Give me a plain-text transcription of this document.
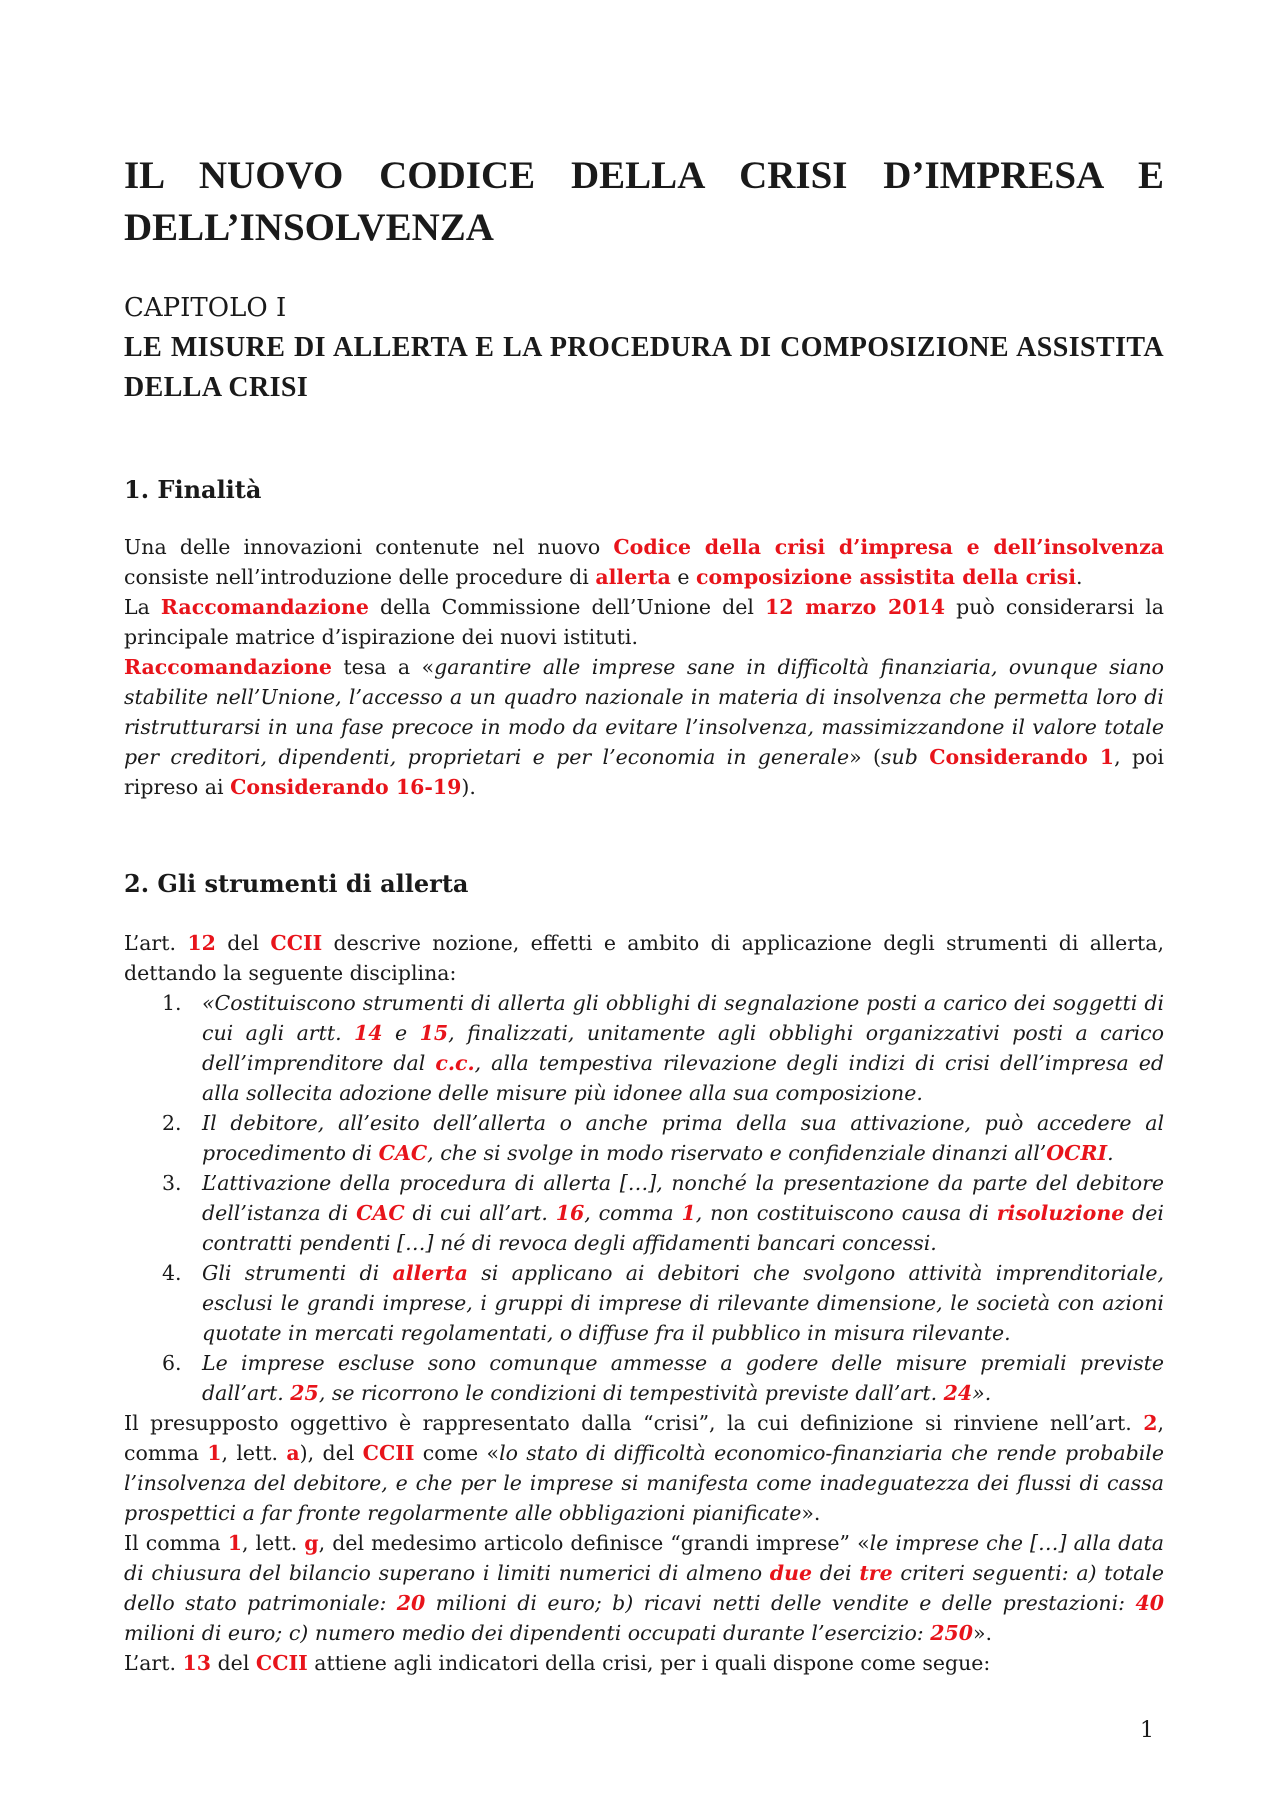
IL NUOVO CODICE DELLA CRISI D’IMPRESA E DELL’INSOLVENZA
CAPITOLO I
LE MISURE DI ALLERTA E LA PROCEDURA DI COMPOSIZIONE ASSISTITA DELLA CRISI
1. Finalità

Una delle innovazioni contenute nel nuovo Codice della crisi d’impresa e dell’insolvenza consiste nell’introduzione delle procedure di allerta e composizione assistita della crisi.

La Raccomandazione della Commissione dell’Unione del 12 marzo 2014 può considerarsi la principale matrice d’ispirazione dei nuovi istituti.

Raccomandazione tesa a «garantire alle imprese sane in difficoltà finanziaria, ovunque siano stabilite nell’Unione, l’accesso a un quadro nazionale in materia di insolvenza che permetta loro di ristrutturarsi in una fase precoce in modo da evitare l’insolvenza, massimizzandone il valore totale per creditori, dipendenti, proprietari e per l’economia in generale» (sub Considerando 1, poi ripreso ai Considerando 16-19).

2. Gli strumenti di allerta

L’art. 12 del CCII descrive nozione, effetti e ambito di applicazione degli strumenti di allerta, dettando la seguente disciplina:

1. «Costituiscono strumenti di allerta gli obblighi di segnalazione posti a carico dei soggetti di cui agli artt. 14 e 15, finalizzati, unitamente agli obblighi organizzativi posti a carico dell’imprenditore dal c.c., alla tempestiva rilevazione degli indizi di crisi dell’impresa ed alla sollecita adozione delle misure più idonee alla sua composizione.
2. Il debitore, all’esito dell’allerta o anche prima della sua attivazione, può accedere al procedimento di CAC, che si svolge in modo riservato e confidenziale dinanzi all’OCRI.
3. L’attivazione della procedura di allerta […], nonché la presentazione da parte del debitore dell’istanza di CAC di cui all’art. 16, comma 1, non costituiscono causa di risoluzione dei contratti pendenti […] né di revoca degli affidamenti bancari concessi.
4. Gli strumenti di allerta si applicano ai debitori che svolgono attività imprenditoriale, esclusi le grandi imprese, i gruppi di imprese di rilevante dimensione, le società con azioni quotate in mercati regolamentati, o diffuse fra il pubblico in misura rilevante.
6. Le imprese escluse sono comunque ammesse a godere delle misure premiali previste dall’art. 25, se ricorrono le condizioni di tempestività previste dall’art. 24».

Il presupposto oggettivo è rappresentato dalla “crisi”, la cui definizione si rinviene nell’art. 2, comma 1, lett. a), del CCII come «lo stato di difficoltà economico-finanziaria che rende probabile l’insolvenza del debitore, e che per le imprese si manifesta come inadeguatezza dei flussi di cassa prospettici a far fronte regolarmente alle obbligazioni pianificate».

Il comma 1, lett. g, del medesimo articolo definisce “grandi imprese” «le imprese che […] alla data di chiusura del bilancio superano i limiti numerici di almeno due dei tre criteri seguenti: a) totale dello stato patrimoniale: 20 milioni di euro; b) ricavi netti delle vendite e delle prestazioni: 40 milioni di euro; c) numero medio dei dipendenti occupati durante l’esercizio: 250».

L’art. 13 del CCII attiene agli indicatori della crisi, per i quali dispone come segue:

1
